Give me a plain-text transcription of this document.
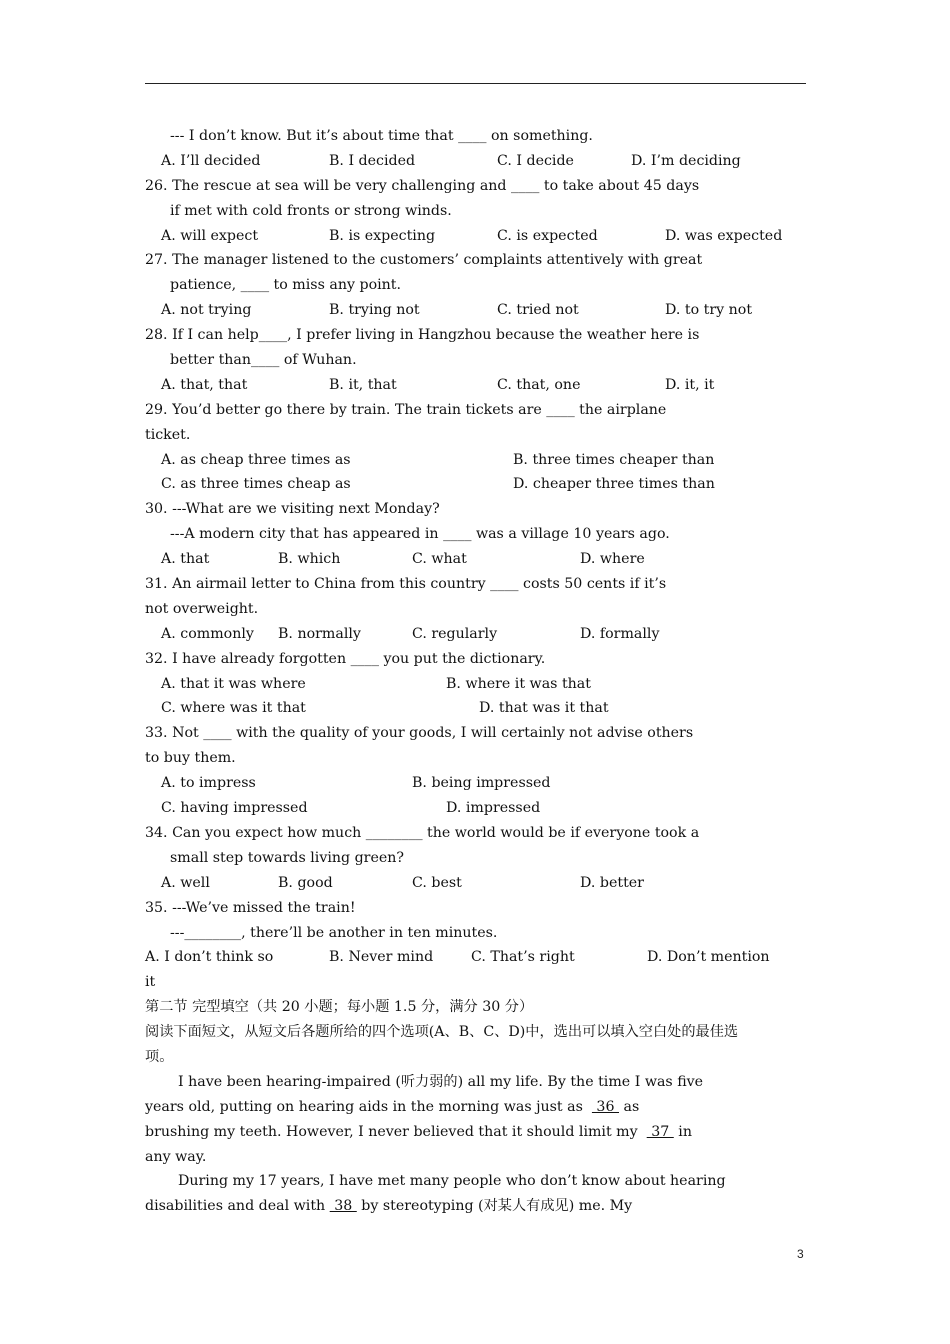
--- I don’t know. But it’s about time that ____ on something.
A. I’ll decided	B. I decided	C. I decide	D. I’m deciding
26. The rescue at sea will be very challenging and ____ to take about 45 days
if met with cold fronts or strong winds.
A. will expect	B. is expecting	C. is expected	D. was expected
27. The manager listened to the customers’ complaints attentively with great
patience, ____ to miss any point.
A. not trying	B. trying not	C. tried not	D. to try not
28. If I can help____, I prefer living in Hangzhou because the weather here is
better than____ of Wuhan.
A. that, that	B. it, that	C. that, one	D. it, it
29. You’d better go there by train. The train tickets are ____ the airplane
ticket.
A. as cheap three times as	B. three times cheaper than
C. as three times cheap as	D. cheaper three times than
30. ---What are we visiting next Monday?
---A modern city that has appeared in ____ was a village 10 years ago.
A. that	B. which	C. what	D. where
31. An airmail letter to China from this country ____ costs 50 cents if it’s
not overweight.
A. commonly B. normally	C. regularly	D. formally
32. I have already forgotten ____ you put the dictionary.
A. that it was where	B. where it was that
C. where was it that	D. that was it that
33. Not ____ with the quality of your goods, I will certainly not advise others
to buy them.
A. to impress	B. being impressed
C. having impressed	D. impressed
34. Can you expect how much ________ the world would be if everyone took a
small step towards living green?
A. well	B. good	C. best	D. better
35. ---We’ve missed the train!
---________, there’ll be another in ten minutes.
A. I don’t think so	B. Never mind	C. That’s right	D. Don’t mention
it
第二节 完型填空（共 20 小题；每小题 1.5 分，满分 30 分）
阅读下面短文，从短文后各题所给的四个选项(A、B、C、D)中，选出可以填入空白处的最佳选
项。
I have been hearing-impaired (听力弱的) all my life. By the time I was five
years old, putting on hearing aids in the morning was just as   36  as
brushing my teeth. However, I never believed that it should limit my   37  in
any way.
During my 17 years, I have met many people who don’t know about hearing
disabilities and deal with  38  by stereotyping (对某人有成见) me. My
3
